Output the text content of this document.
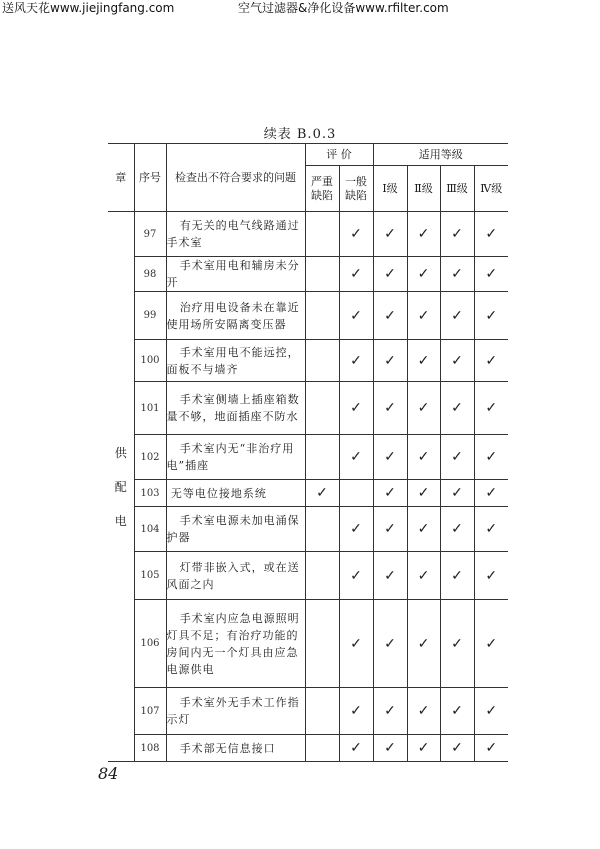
送风天花www.jiejingfang.com	空气过滤器&净化设备www.rfilter.com
续表 B.0.3
章	序号	检查出不符合要求的问题	评 价		适用等级			
			严重缺陷	一般缺陷	Ⅰ级	Ⅱ级	Ⅲ级	Ⅳ级
供
配
电	97	有无关的电气线路通过手术室		✓	✓	✓	✓	✓
	98	手术室用电和辅房未分开		✓	✓	✓	✓	✓
	99	治疗用电设备未在靠近使用场所安隔离变压器		✓	✓	✓	✓	✓
	100	手术室用电不能远控，面板不与墙齐		✓	✓	✓	✓	✓
	101	手术室侧墙上插座箱数量不够，地面插座不防水		✓	✓	✓	✓	✓
	102	手术室内无“非治疗用电”插座		✓	✓	✓	✓	✓
	103	无等电位接地系统	✓		✓	✓	✓	✓
	104	手术室电源未加电涌保护器		✓	✓	✓	✓	✓
	105	灯带非嵌入式，或在送风面之内		✓	✓	✓	✓	✓
	106	手术室内应急电源照明灯具不足；有治疗功能的房间内无一个灯具由应急电源供电		✓	✓	✓	✓	✓
	107	手术室外无手术工作指示灯		✓	✓	✓	✓	✓
	108	手术部无信息接口		✓	✓	✓	✓	✓
84
